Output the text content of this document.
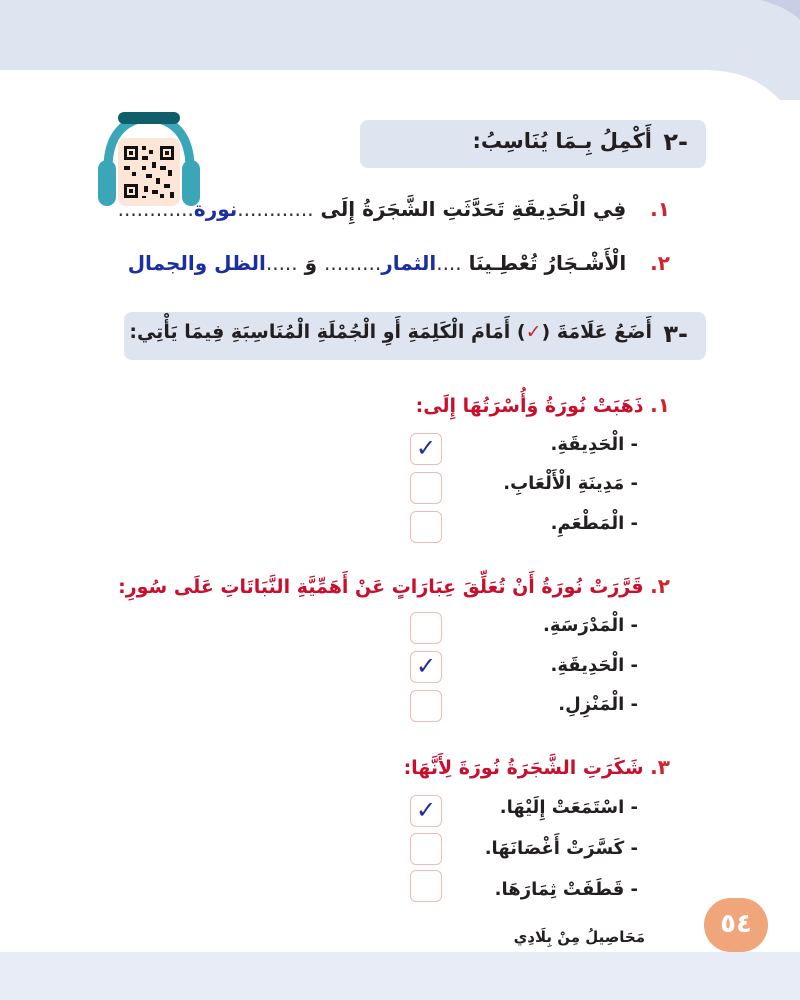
٢-
أَكْمِلُ بِـمَا يُنَاسِبُ:
١.  فِي الْحَدِيقَةِ تَحَدَّثَتِ الشَّجَرَةُ إِلَى ............نورة............
٢.  الْأَشْـجَارُ تُعْطِـينَا ....الثمار......... وَ .....الظل والجمال
٣-
أَضَعُ عَلَامَةَ (✓) أَمَامَ الْكَلِمَةِ أَوِ الْجُمْلَةِ الْمُنَاسِبَةِ فِيمَا يَأْتِي:
١. ذَهَبَتْ نُورَةُ وَأُسْرَتُهَا إِلَى:
- الْحَدِيقَةِ.
✓
- مَدِينَةِ الْأَلْعَابِ.
- الْمَطْعَمِ.
٢. قَرَّرَتْ نُورَةُ أَنْ تُعَلِّقَ عِبَارَاتٍ عَنْ أَهَمِّيَّةِ النَّبَاتَاتِ عَلَى سُورِ:
- الْمَدْرَسَةِ.
- الْحَدِيقَةِ.
✓
- الْمَنْزِلِ.
٣. شَكَرَتِ الشَّجَرَةُ نُورَةَ لِأَنَّهَا:
- اسْتَمَعَتْ إِلَيْهَا.
✓
- كَسَّرَتْ أَغْصَانَهَا.
- قَطَفَتْ ثِمَارَهَا.
مَحَاصِيلُ مِنْ بِلَادِي	٥٤
